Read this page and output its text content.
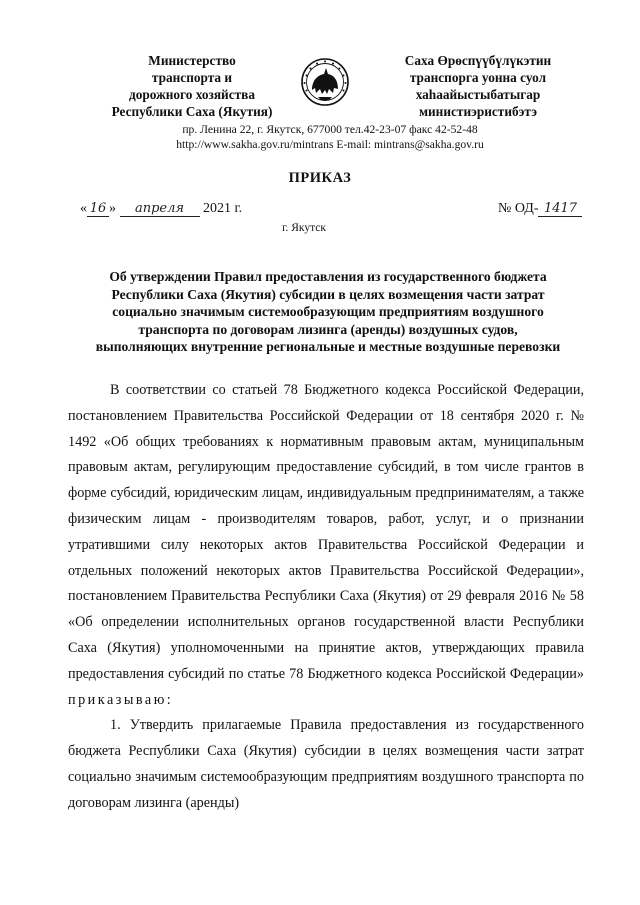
Министерство
транспорта и
дорожного хозяйства
Республики Саха (Якутия)
Саха Өрөспүүбүлүкэтин
транспорга уонна суол
хаһаайыстыбатыгар
министиэристибэтэ
пр. Ленина 22, г. Якутск, 677000 тел.42-23-07 факс 42-52-48
http://www.sakha.gov.ru/mintrans E-mail: mintrans@sakha.gov.ru
ПРИКАЗ
« 16 » апреля 2021 г.	№ ОД- 1417
г. Якутск
Об утверждении Правил предоставления из государственного бюджета
Республики Саха (Якутия) субсидии в целях возмещения части затрат
социально значимым системообразующим предприятиям воздушного
транспорта по договорам лизинга (аренды) воздушных судов,
выполняющих внутренние региональные и местные воздушные перевозки

В соответствии со статьей 78 Бюджетного кодекса Российской Федерации, постановлением Правительства Российской Федерации от 18 сентября 2020 г. № 1492 «Об общих требованиях к нормативным правовым актам, муниципальным правовым актам, регулирующим предоставление субсидий, в том числе грантов в форме субсидий, юридическим лицам, индивидуальным предпринимателям, а также физическим лицам - производителям товаров, работ, услуг, и о признании утратившими силу некоторых актов Правительства Российской Федерации и отдельных положений некоторых актов Правительства Российской Федерации», постановлением Правительства Республики Саха (Якутия) от 29 февраля 2016 № 58 «Об определении исполнительных органов государственной власти Республики Саха (Якутия) уполномоченными на принятие актов, утверждающих правила предоставления субсидий по статье 78 Бюджетного кодекса Российской Федерации» приказываю:

1. Утвердить прилагаемые Правила предоставления из государственного бюджета Республики Саха (Якутия) субсидии в целях возмещения части затрат социально значимым системообразующим предприятиям воздушного транспорта по договорам лизинга (аренды)
